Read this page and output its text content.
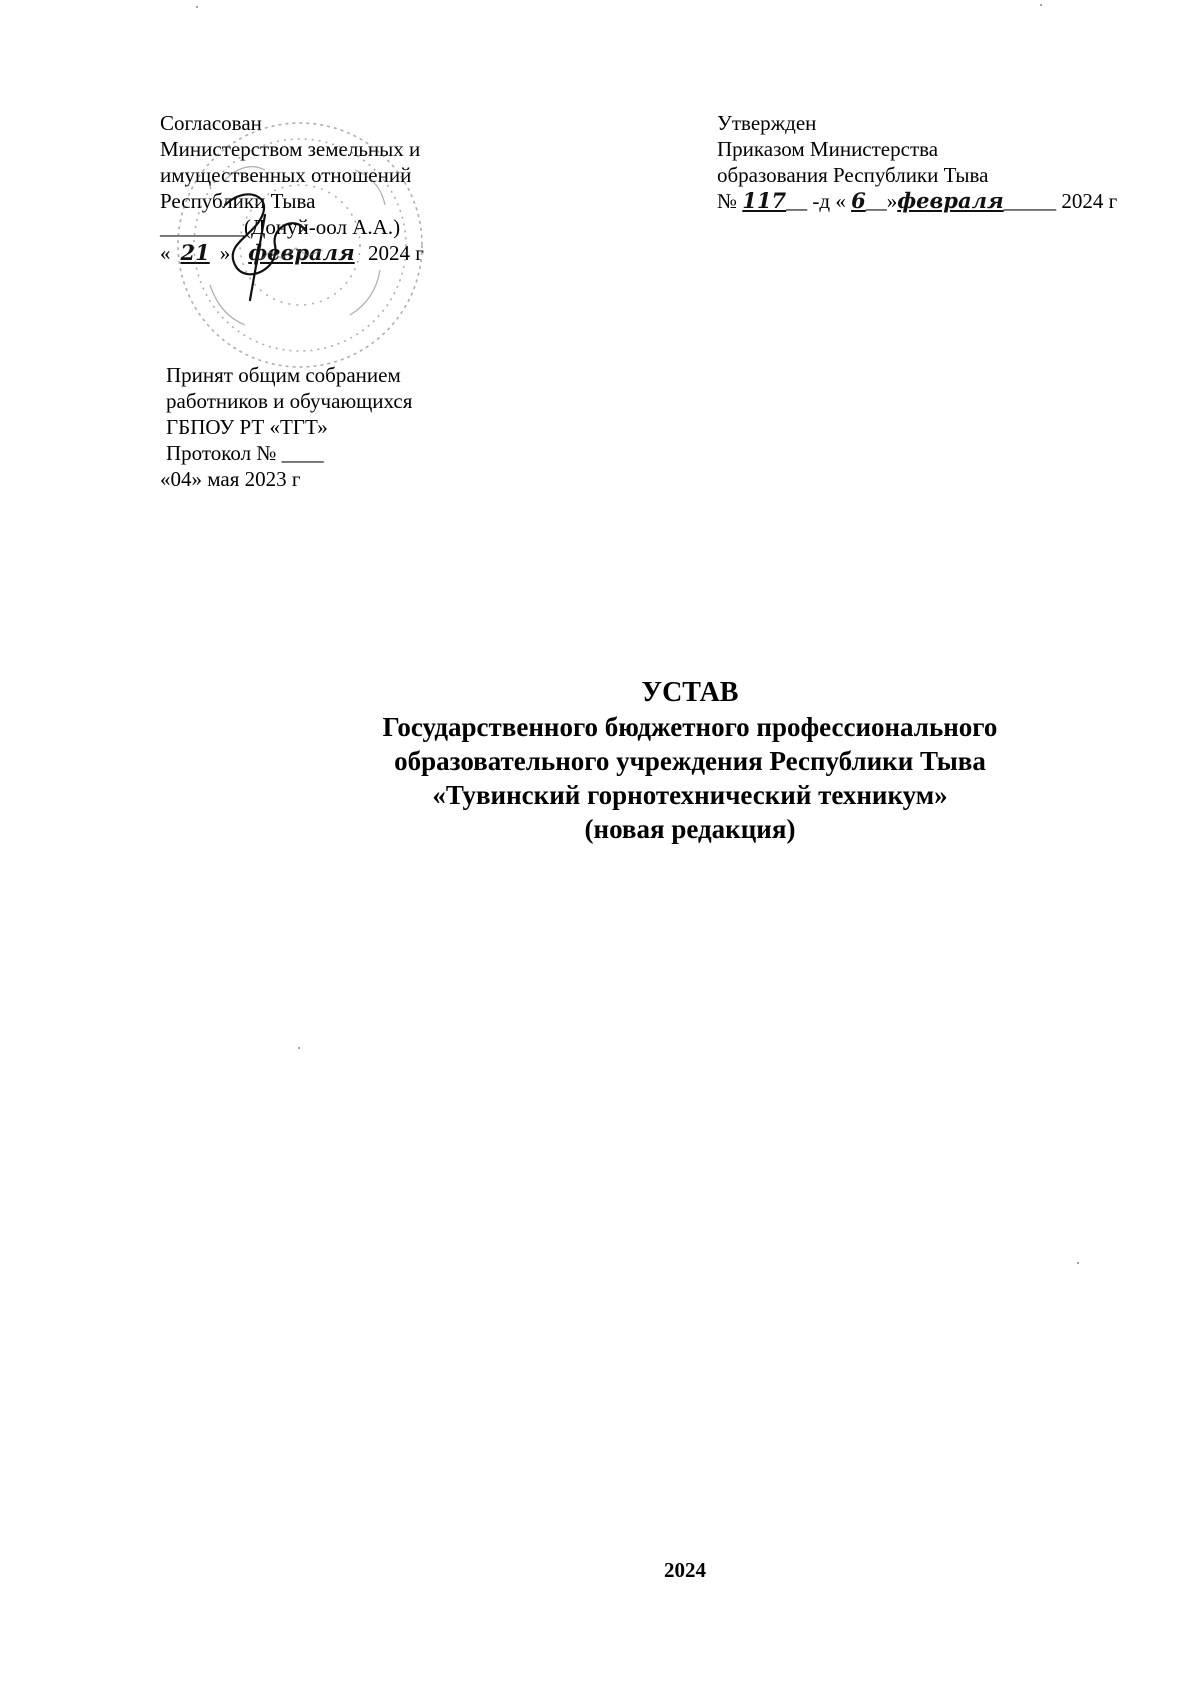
Согласован
Министерством земельных и
имущественных отношений
Республики Тыва
________(Донуй-оол А.А.)
« 21 » февраля 2024 г
Утвержден
Приказом Министерства
образования Республики Тыва
№ 117__ -д « 6__»февраля_____ 2024 г
Принят общим собранием
работников и обучающихся
ГБПОУ РТ «ТГТ»
Протокол № ____
«04» мая 2023 г
УСТАВ
Государственного бюджетного профессионального
образовательного учреждения Республики Тыва
«Тувинский горнотехнический техникум»
(новая редакция)
2024
